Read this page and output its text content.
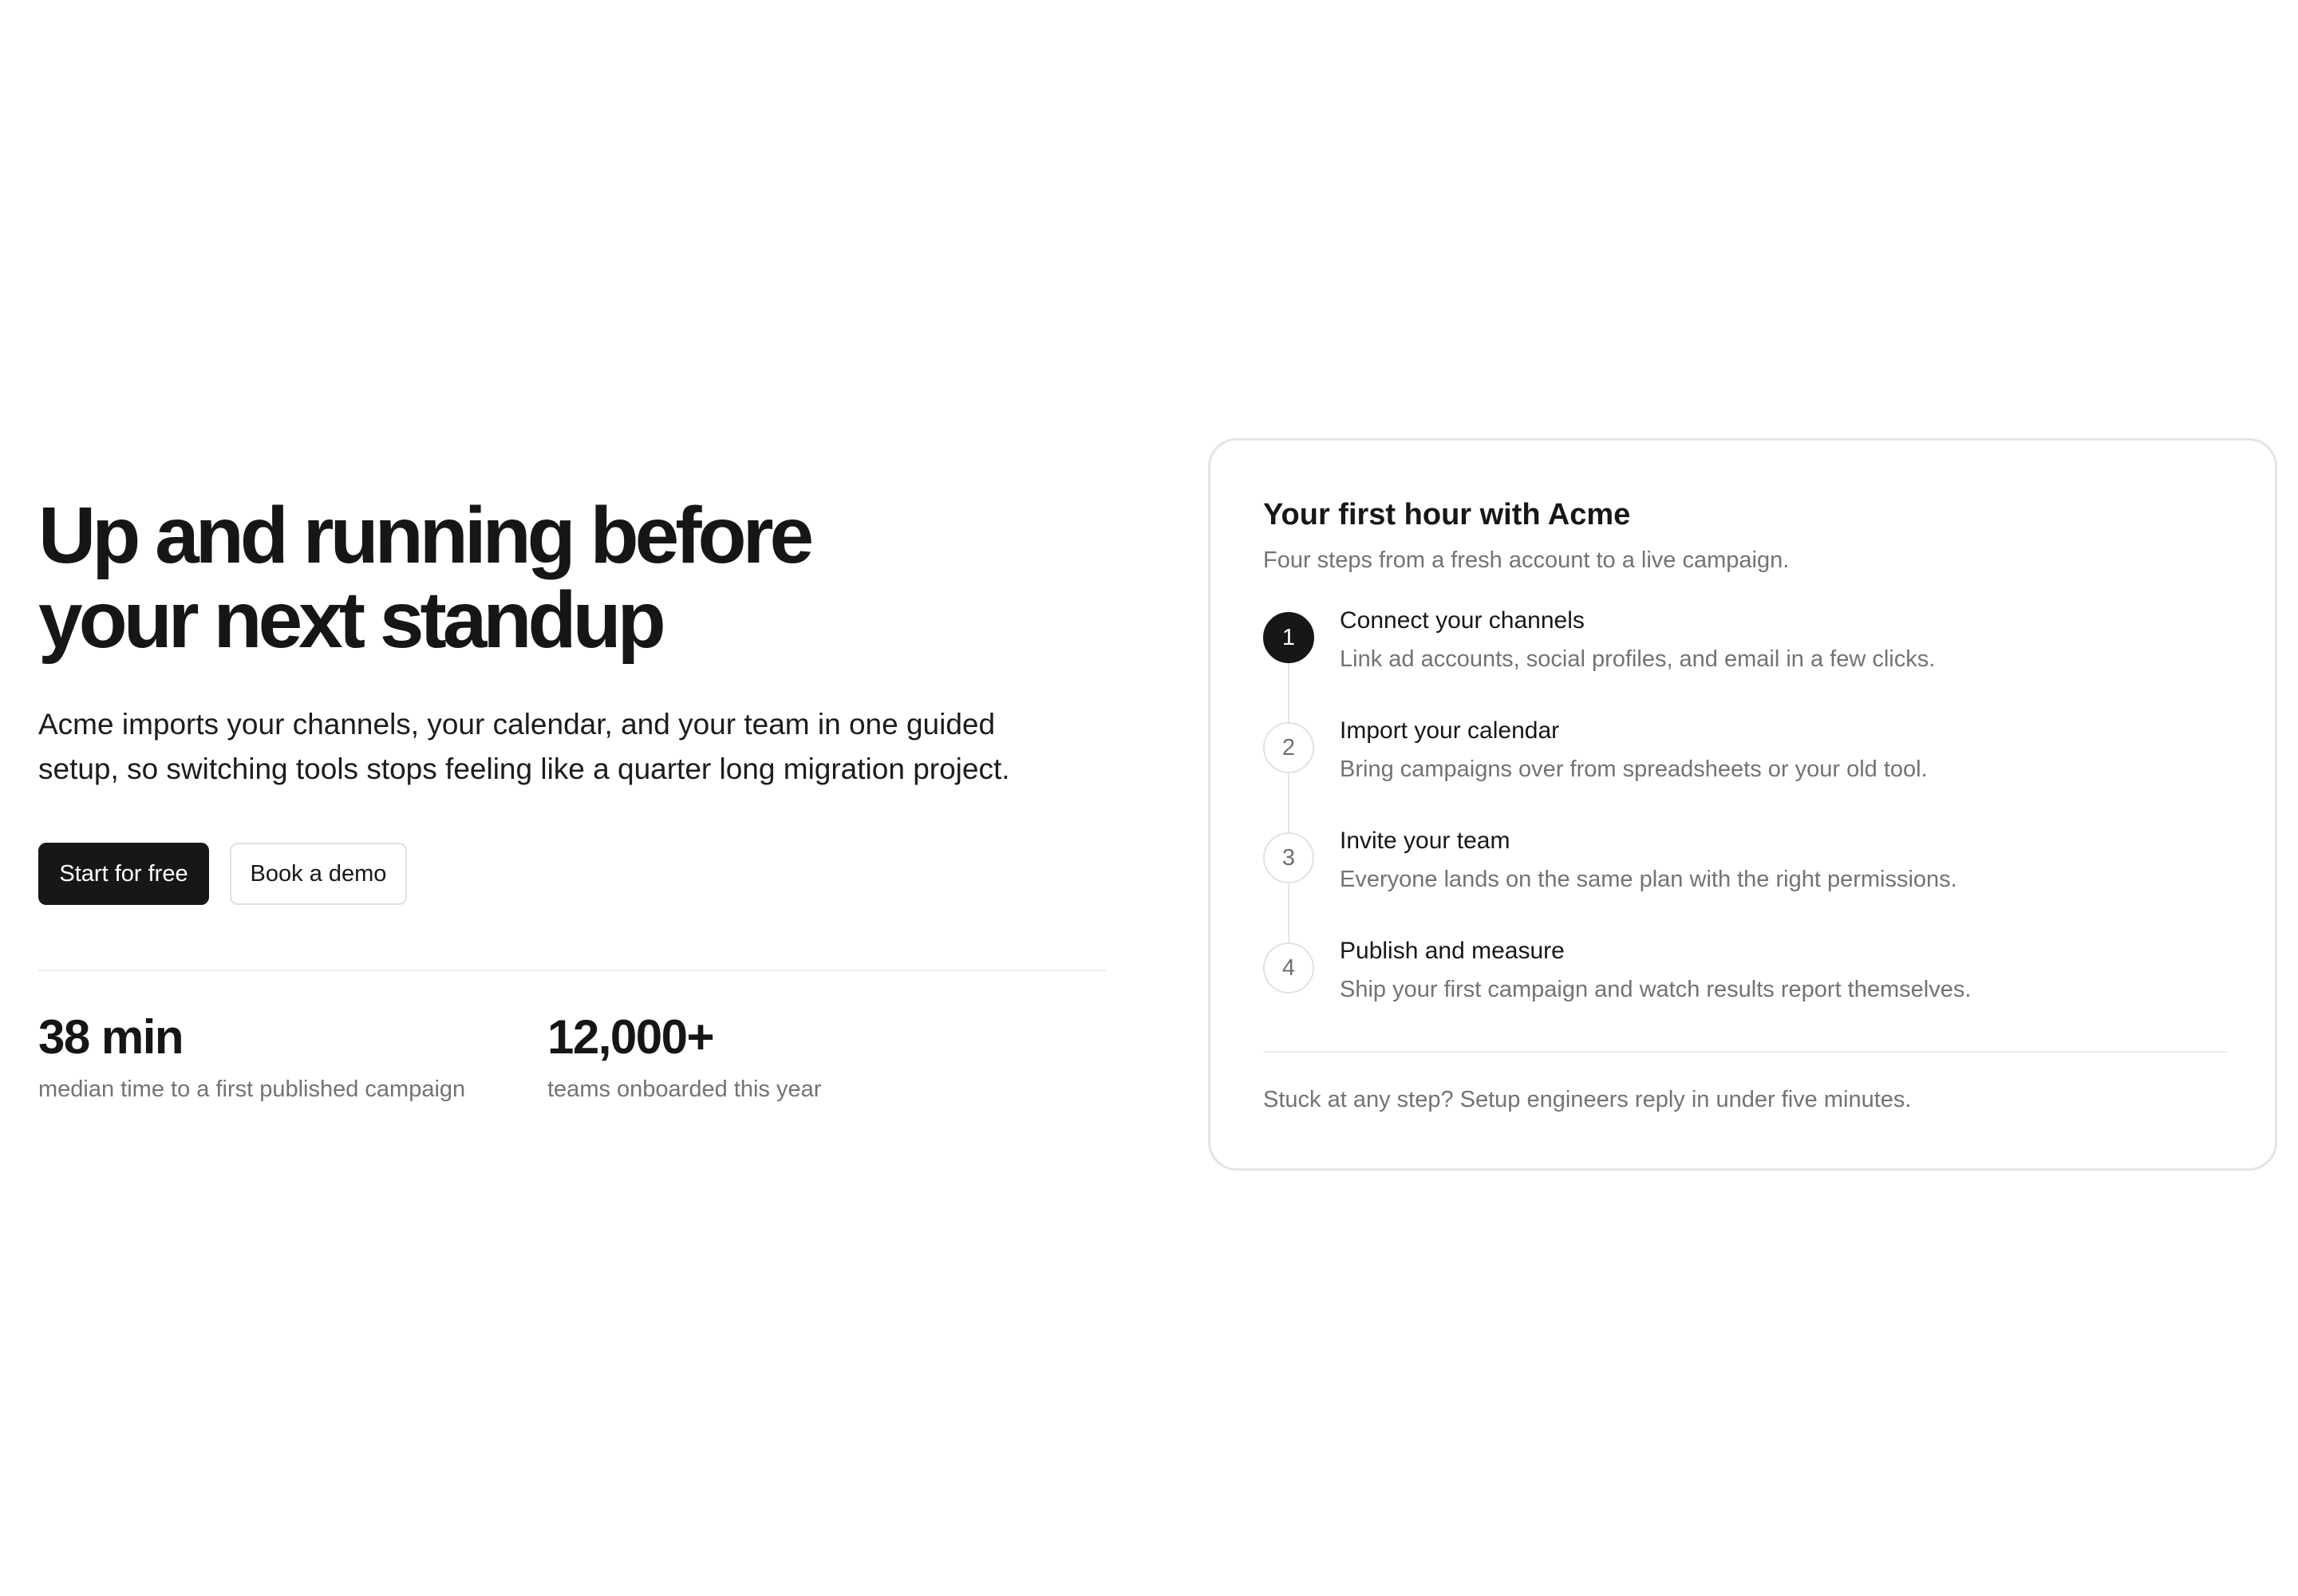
Up and running before
your next standup

Acme imports your channels, your calendar, and your team in one guided
setup, so switching tools stops feeling like a quarter long migration project.

Start for free	Book a demo
38 min
median time to a first published campaign
12,000+
teams onboarded this year
Your first hour with Acme

Four steps from a fresh account to a live campaign.

1
Connect your channels
Link ad accounts, social profiles, and email in a few clicks.
2
Import your calendar
Bring campaigns over from spreadsheets or your old tool.
3
Invite your team
Everyone lands on the same plan with the right permissions.
4
Publish and measure
Ship your first campaign and watch results report themselves.

Stuck at any step? Setup engineers reply in under five minutes.
